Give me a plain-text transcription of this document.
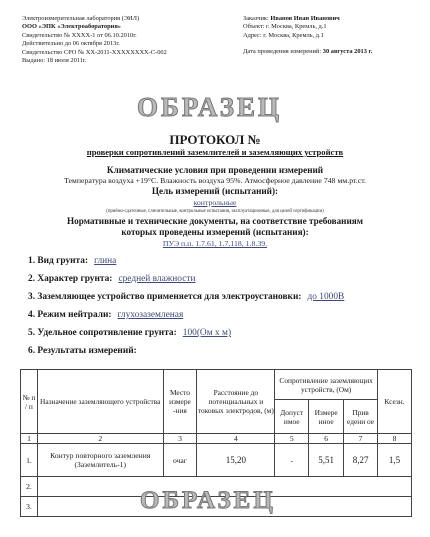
Электроизмерительная лаборатория (ЭИЛ)
ООО «ЭПК «Электроаборатория»
Свидетельство № ХХХХ-1 от 06.10.2010г.
Действительно до 06 октября 2013г.
Свидетельство СРО № ХХ-2011-ХХХХХХХХ-С-002
Выдано: 18 июля 2011г.
Заказчик: Иванов Иван Иванович
Объект: г. Москва, Кремль, д.1
Адрес: г. Москва, Кремль, д.1
Дата проведения измерений: 30 августа 2013 г.
ОБРАЗЕЦ
ПРОТОКОЛ №
проверки сопротивлений заземлителей и заземляющих устройств
Климатические условия при проведении измерений
Температура воздуха +19°С. Влажность воздуха 95%. Атмосферное давление 748 мм.рт.ст.
Цель измерений (испытаний):
контрольные
(приёмо-сдаточные, сличительные, контрольные испытания, эксплуатационные, для целей сертификации)
Нормативные и технические документы, на соответствие требованиям
которых проведены измерений (испытания):
ПУЭ п.п. 1.7.61, 1.7.118, 1.8.39.
1. Вид грунта: глина
2. Характер грунта: средней влажности
3. Заземляющее устройство применяется для электроустановки: до 1000В
4. Режим нейтрали: глухозаземленая
5. Удельное сопротивление грунта: 100(Ом х м)
6. Результаты измерений:
№ п / п	Назначение заземляющего устройства	Место измере -ния	Расстояние до потенциальных и токовых электродов, (м)	Сопротивление заземляющих устройств, (Ом)			Ксезн.
				Допуст имое	Измере нное	Прив едени ое	
1	2	3	4	5	6	7	8
1.	Контур повторного заземления (Заземлитель-1)	очаг	15,20	-	5,51	8,27	1,5
2.							
3.								ОБРАЗЕЦ
